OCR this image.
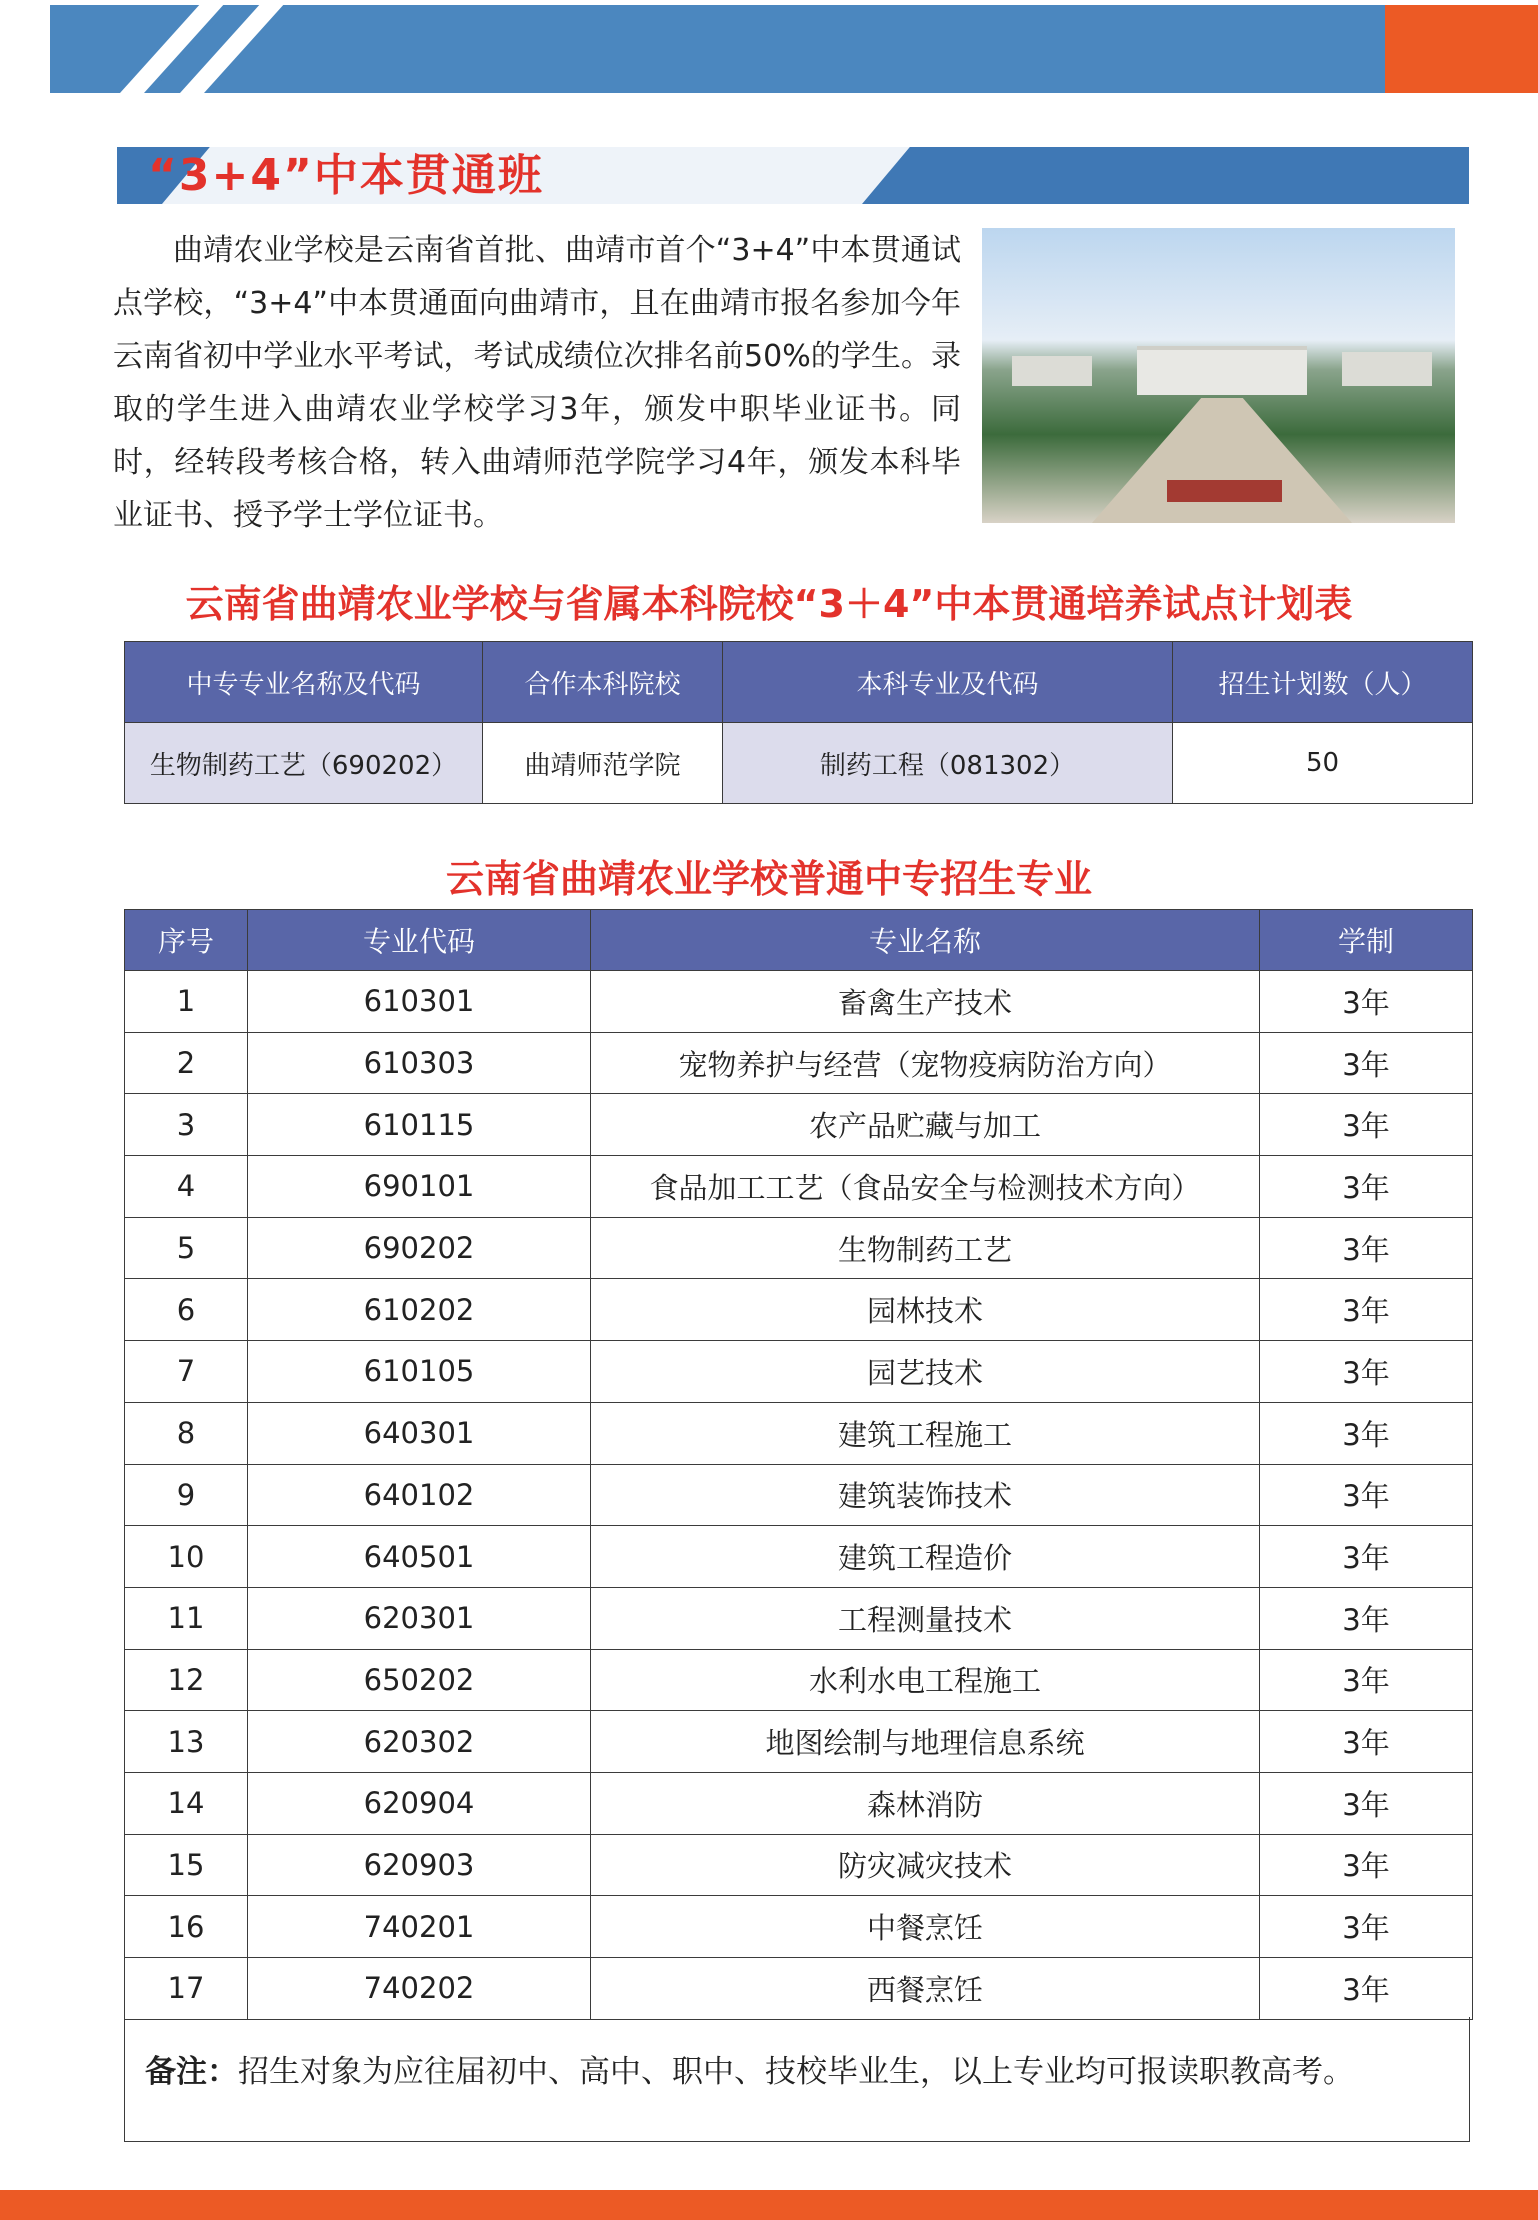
“3+4”中本贯通班
曲靖农业学校是云南省首批、曲靖市首个“3+4”中本贯通试点学校，“3+4”中本贯通面向曲靖市，且在曲靖市报名参加今年云南省初中学业水平考试，考试成绩位次排名前50%的学生。录取的学生进入曲靖农业学校学习3年，颁发中职毕业证书。同时，经转段考核合格，转入曲靖师范学院学习4年，颁发本科毕业证书、授予学士学位证书。
云南省曲靖农业学校与省属本科院校“3＋4”中本贯通培养试点计划表
中专专业名称及代码	合作本科院校	本科专业及代码	招生计划数（人）
生物制药工艺（690202）	曲靖师范学院	制药工程（081302）	50
云南省曲靖农业学校普通中专招生专业
序号	专业代码	专业名称	学制
1	610301	畜禽生产技术	3年
2	610303	宠物养护与经营（宠物疫病防治方向）	3年
3	610115	农产品贮藏与加工	3年
4	690101	食品加工工艺（食品安全与检测技术方向）	3年
5	690202	生物制药工艺	3年
6	610202	园林技术	3年
7	610105	园艺技术	3年
8	640301	建筑工程施工	3年
9	640102	建筑装饰技术	3年
10	640501	建筑工程造价	3年
11	620301	工程测量技术	3年
12	650202	水利水电工程施工	3年
13	620302	地图绘制与地理信息系统	3年
14	620904	森林消防	3年
15	620903	防灾减灾技术	3年
16	740201	中餐烹饪	3年
17	740202	西餐烹饪	3年
备注：招生对象为应往届初中、高中、职中、技校毕业生，以上专业均可报读职教高考。
